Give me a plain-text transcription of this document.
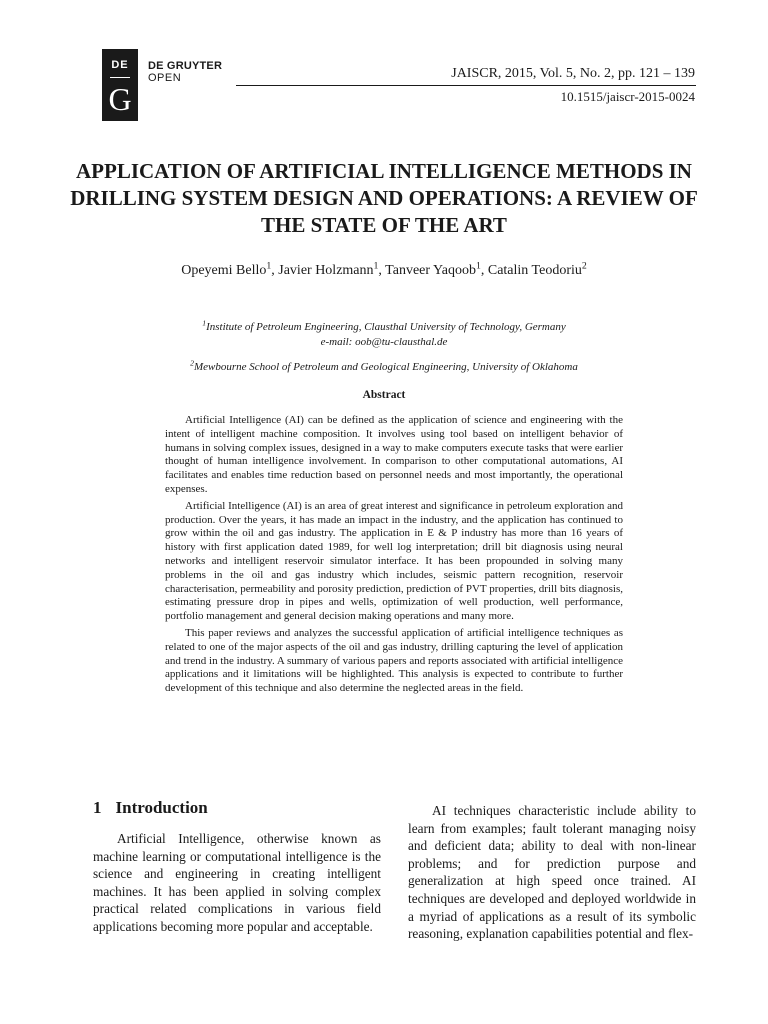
DE
G
DE GRUYTER
OPEN	JAISCR, 2015, Vol. 5, No. 2, pp. 121 – 139
10.1515/jaiscr-2015-0024
APPLICATION OF ARTIFICIAL INTELLIGENCE METHODS IN DRILLING SYSTEM DESIGN AND OPERATIONS: A REVIEW OF THE STATE OF THE ART
Opeyemi Bello$^1$, Javier Holzmann$^1$, Tanveer Yaqoob$^1$, Catalin Teodoriu$^2$
$^1$Institute of Petroleum Engineering, Clausthal University of Technology, Germany
e-mail: oob@tu-clausthal.de
$^2$Mewbourne School of Petroleum and Geological Engineering, University of Oklahoma
Abstract

Artificial Intelligence (AI) can be defined as the application of science and engineering with the intent of intelligent machine composition. It involves using tool based on intelligent behavior of humans in solving complex issues, designed in a way to make computers execute tasks that were earlier thought of human intelligence involvement. In comparison to other computational automations, AI facilitates and enables time reduction based on personnel needs and most importantly, the operational expenses.

Artificial Intelligence (AI) is an area of great interest and significance in petroleum exploration and production. Over the years, it has made an impact in the industry, and the application has continued to grow within the oil and gas industry. The application in E & P industry has more than 16 years of history with first application dated 1989, for well log interpretation; drill bit diagnosis using neural networks and intelligent reservoir simulator interface. It has been propounded in solving many problems in the oil and gas industry which includes, seismic pattern recognition, reservoir characterisation, permeability and porosity prediction, prediction of PVT properties, drill bits diagnosis, estimating pressure drop in pipes and wells, optimization of well production, well performance, portfolio management and general decision making operations and many more.

This paper reviews and analyzes the successful application of artificial intelligence techniques as related to one of the major aspects of the oil and gas industry, drilling capturing the level of application and trend in the industry. A summary of various papers and reports associated with artificial intelligence applications and it limitations will be highlighted. This analysis is expected to contribute to further development of this technique and also determine the neglected areas in the field.

1 Introduction

Artificial Intelligence, otherwise known as machine learning or computational intelligence is the science and engineering in creating intelligent machines. It has been applied in solving complex practical related complications in various field applications becoming more popular and acceptable.

AI techniques characteristic include ability to learn from examples; fault tolerant managing noisy and deficient data; ability to deal with non-linear problems; and for prediction purpose and generalization at high speed once trained. AI techniques are developed and deployed worldwide in a myriad of applications as a result of its symbolic reasoning, explanation capabilities potential and flex-
